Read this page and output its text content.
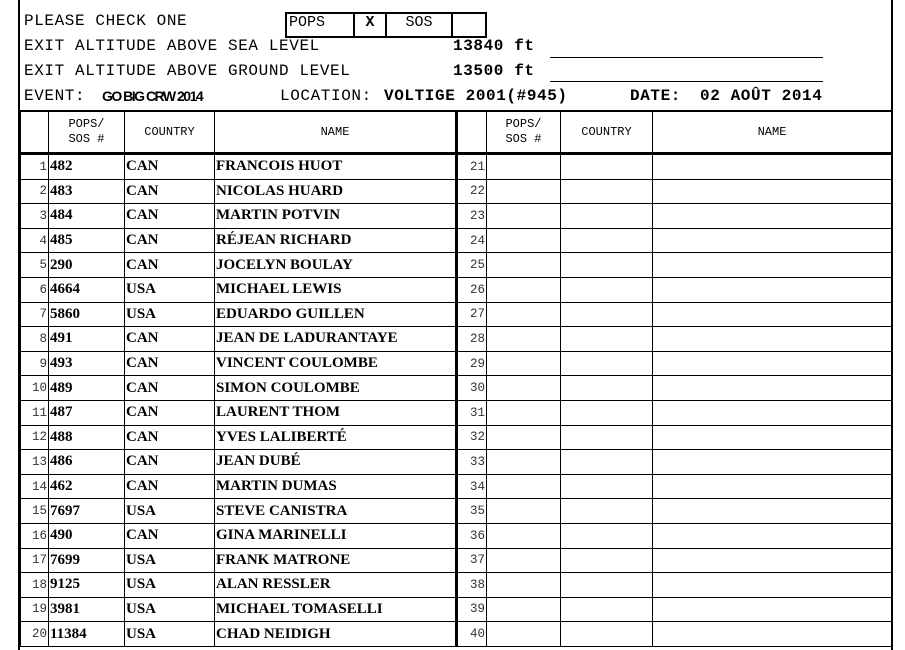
PLEASE CHECK ONE	POPS	X	SOS
EXIT ALTITUDE ABOVE SEA LEVEL	13840 ft
EXIT ALTITUDE ABOVE GROUND LEVEL	13500 ft
EVENT: GO BIG CRW 2014	LOCATION: VOLTIGE 2001(#945)	DATE: 02 AOÛT 2014
	POPS/
SOS #	COUNTRY	NAME		POPS/
SOS #	COUNTRY	NAME
1	482	CAN	FRANCOIS HUOT	21			
2	483	CAN	NICOLAS HUARD	22			
3	484	CAN	MARTIN POTVIN	23			
4	485	CAN	RÉJEAN RICHARD	24			
5	290	CAN	JOCELYN BOULAY	25			
6	4664	USA	MICHAEL LEWIS	26			
7	5860	USA	EDUARDO GUILLEN	27			
8	491	CAN	JEAN DE LADURANTAYE	28			
9	493	CAN	VINCENT COULOMBE	29			
10	489	CAN	SIMON COULOMBE	30			
11	487	CAN	LAURENT THOM	31			
12	488	CAN	YVES LALIBERTÉ	32			
13	486	CAN	JEAN DUBÉ	33			
14	462	CAN	MARTIN DUMAS	34			
15	7697	USA	STEVE CANISTRA	35			
16	490	CAN	GINA MARINELLI	36			
17	7699	USA	FRANK MATRONE	37			
18	9125	USA	ALAN RESSLER	38			
19	3981	USA	MICHAEL TOMASELLI	39			
20	11384	USA	CHAD NEIDIGH	40			
